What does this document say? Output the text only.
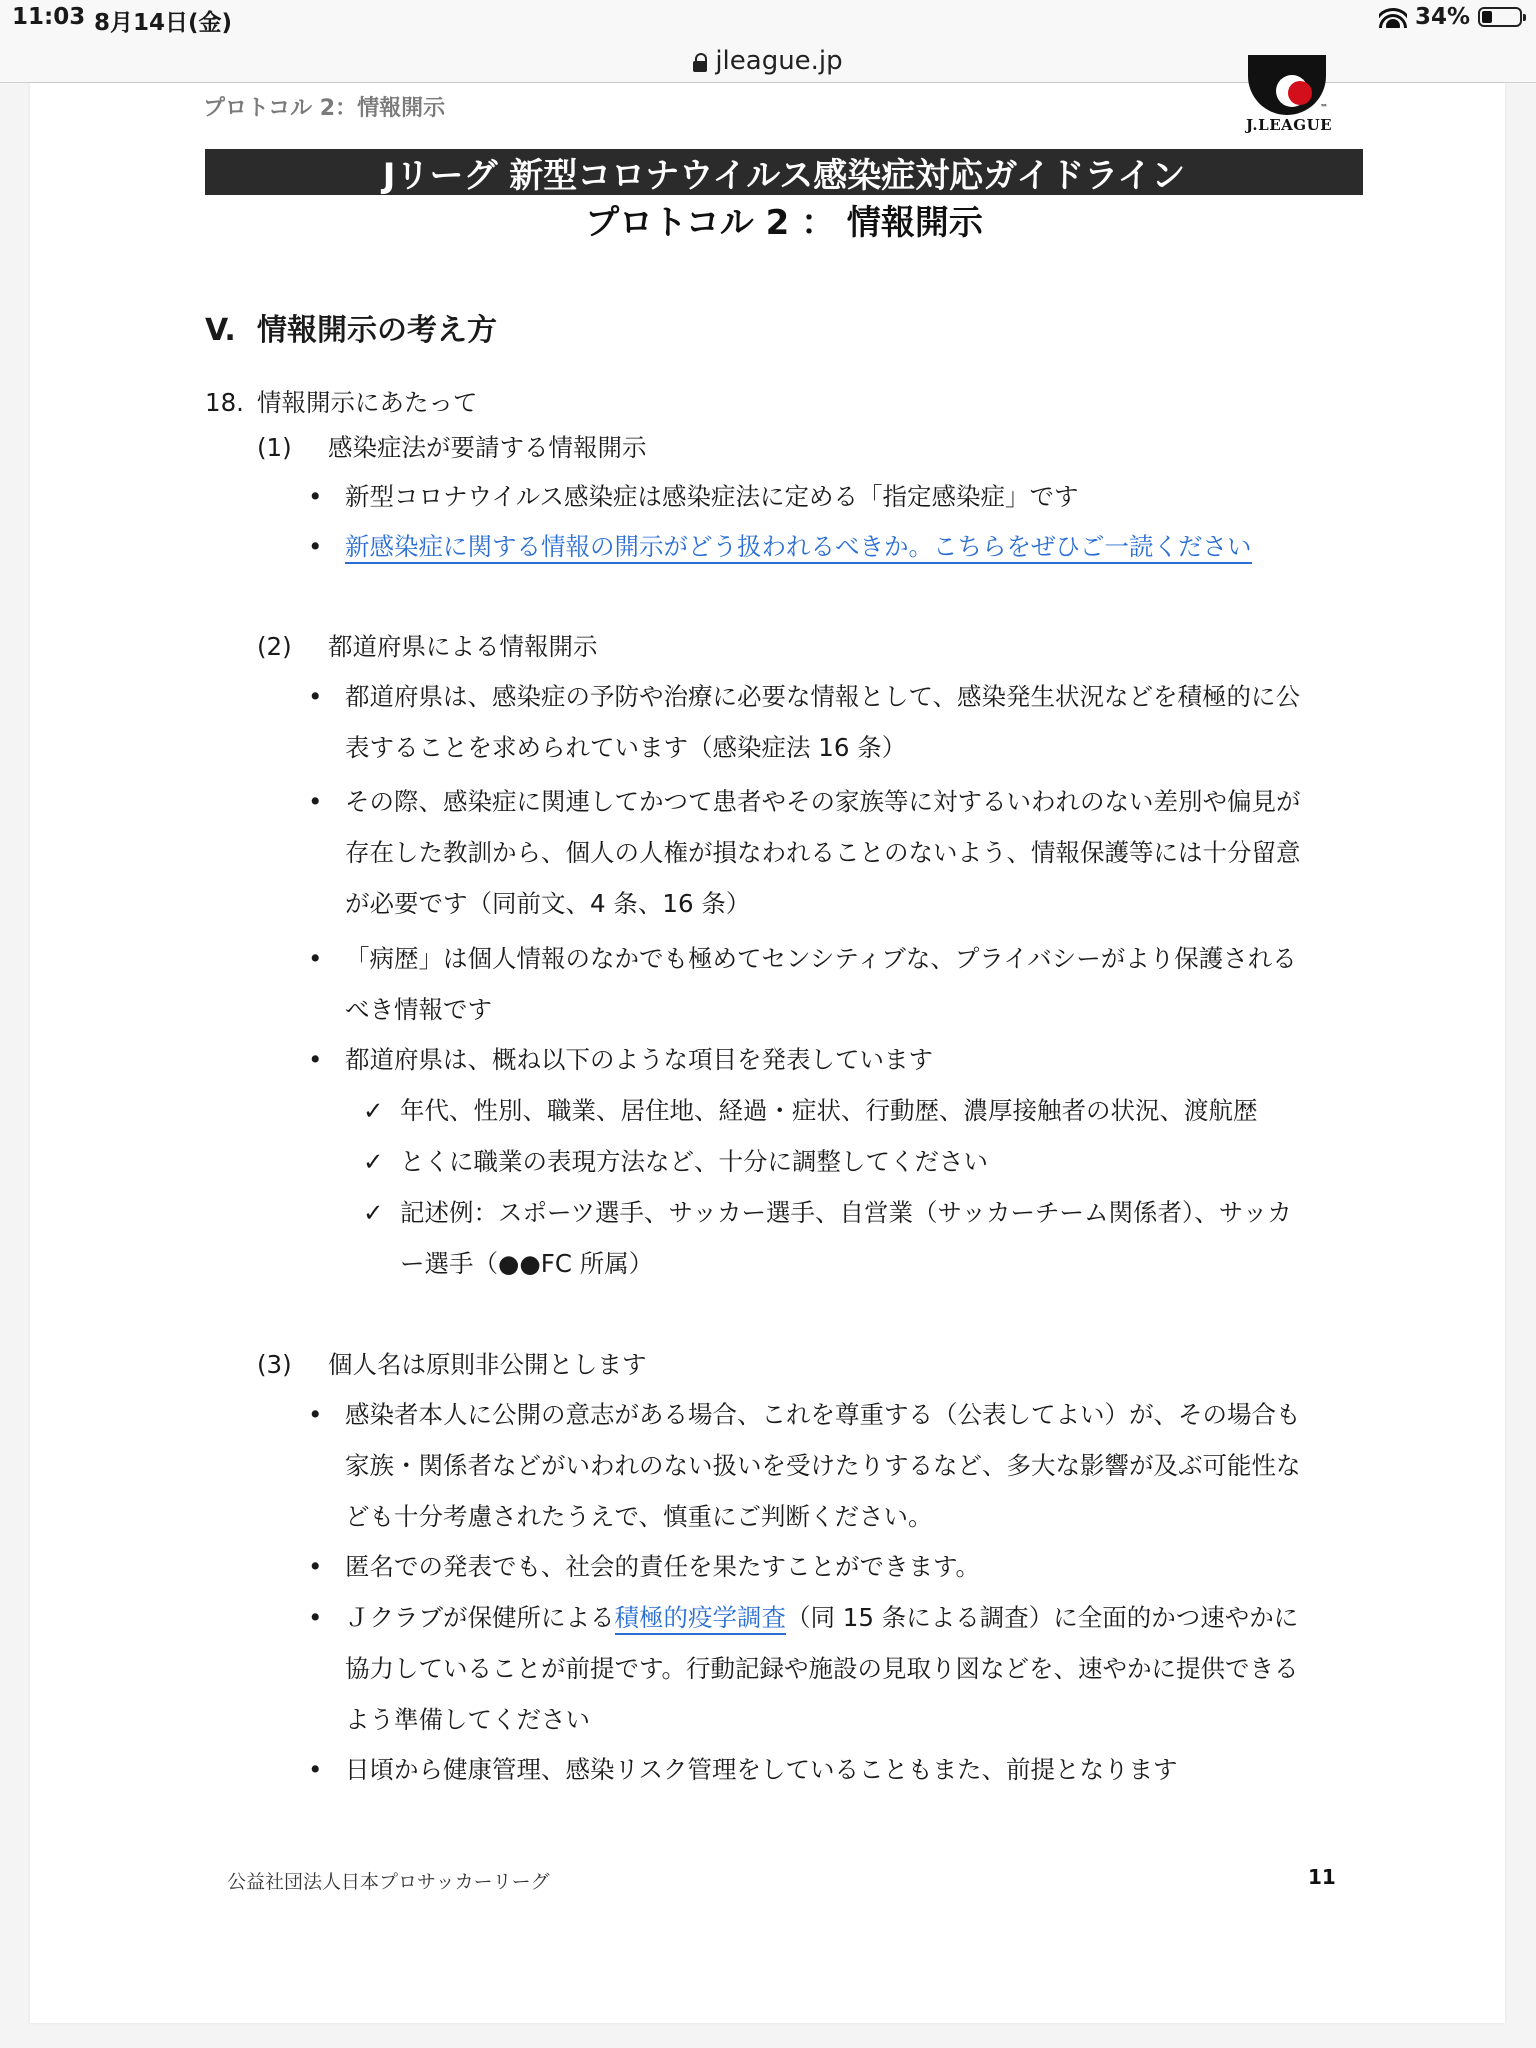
11:03 8月14日(金)	34%
jleague.jp
プロトコル 2：情報開示	™
J.LEAGUE
Jリーグ 新型コロナウイルス感染症対応ガイドライン
プロトコル 2 ： 情報開示
V. 情報開示の考え方
18. 情報開示にあたって
(1) 感染症法が要請する情報開示
• 新型コロナウイルス感染症は感染症法に定める「指定感染症」です
• 新感染症に関する情報の開示がどう扱われるべきか。こちらをぜひご一読ください
(2) 都道府県による情報開示
• 都道府県は、感染症の予防や治療に必要な情報として、感染発生状況などを積極的に公
表することを求められています（感染症法 16 条）
• その際、感染症に関連してかつて患者やその家族等に対するいわれのない差別や偏見が
存在した教訓から、個人の人権が損なわれることのないよう、情報保護等には十分留意
が必要です（同前文、4 条、16 条）
• 「病歴」は個人情報のなかでも極めてセンシティブな、プライバシーがより保護される
べき情報です
• 都道府県は、概ね以下のような項目を発表しています
✓ 年代、性別、職業、居住地、経過・症状、行動歴、濃厚接触者の状況、渡航歴
✓ とくに職業の表現方法など、十分に調整してください
✓ 記述例：スポーツ選手、サッカー選手、自営業（サッカーチーム関係者）、サッカ
ー選手（●●FC 所属）
(3) 個人名は原則非公開とします
• 感染者本人に公開の意志がある場合、これを尊重する（公表してよい）が、その場合も
家族・関係者などがいわれのない扱いを受けたりするなど、多大な影響が及ぶ可能性な
ども十分考慮されたうえで、慎重にご判断ください。
• 匿名での発表でも、社会的責任を果たすことができます。
• Ｊクラブが保健所による積極的疫学調査（同 15 条による調査）に全面的かつ速やかに
協力していることが前提です。行動記録や施設の見取り図などを、速やかに提供できる
よう準備してください
• 日頃から健康管理、感染リスク管理をしていることもまた、前提となります
公益社団法人日本プロサッカーリーグ	11
